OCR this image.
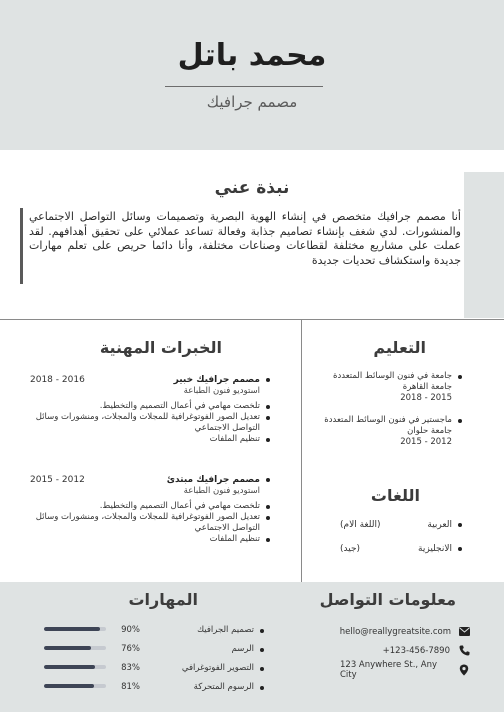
محمد باتل
مصمم جرافيك
نبذة عني

أنا مصمم جرافيك متخصص في إنشاء الهوية البصرية وتصميمات وسائل التواصل الاجتماعي والمنشورات. لدي شغف بإنشاء تصاميم جذابة وفعالة تساعد عملائي على تحقيق أهدافهم. لقد عملت على مشاريع مختلفة لقطاعات وصناعات مختلفة، وأنا دائما حريص على تعلم مهارات جديدة واستكشاف تحديات جديدة

التعليم
جامعة في فنون الوسائط المتعددة
جامعة القاهرة
2015 - 2018
ماجستير في فنون الوسائط المتعددة
جامعة حلوان
2012 - 2015
اللغات
العربية
(اللغة الام)
الانجليزية
(جيد)
الخبرات المهنية
مصمم جرافيك خبير
2016 - 2018
استوديو فنون الطباعة
تلخصت مهامي في أعمال التصميم والتخطيط.
تعديل الصور الفوتوغرافية للمجلات والمجلات، ومنشورات وسائل التواصل الاجتماعي
تنظيم الملفات
مصمم جرافيك مبتدئ
2012 - 2015
استوديو فنون الطباعة
تلخصت مهامي في أعمال التصميم والتخطيط.
تعديل الصور الفوتوغرافية للمجلات والمجلات، ومنشورات وسائل التواصل الاجتماعي
تنظيم الملفات
معلومات التواصل
hello@reallygreatsite.com
+123-456-7890
123 Anywhere St., Any City
المهارات
تصميم الجرافيك
90%
الرسم
76%
التصوير الفوتوغرافي
83%
الرسوم المتحركة
81%
